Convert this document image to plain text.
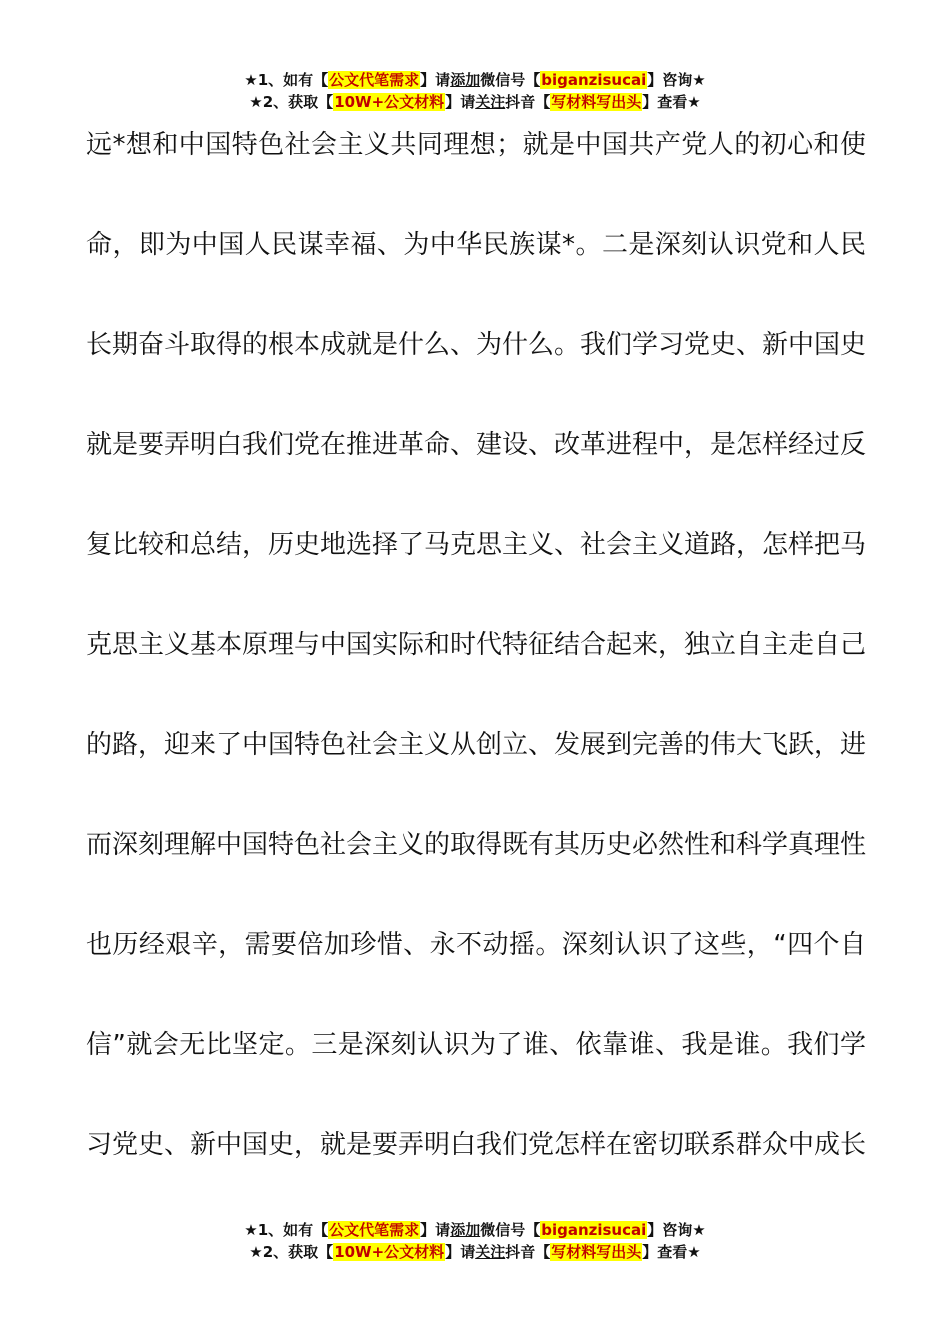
★1、如有【公文代笔需求】请添加微信号【biganzisucai】咨询★
★2、获取【10W+公文材料】请关注抖音【写材料写出头】查看★
远*想和中国特色社会主义共同理想；就是中国共产党人的初心和使
命，即为中国人民谋幸福、为中华民族谋*。二是深刻认识党和人民
长期奋斗取得的根本成就是什么、为什么。我们学习党史、新中国史
就是要弄明白我们党在推进革命、建设、改革进程中，是怎样经过反
复比较和总结，历史地选择了马克思主义、社会主义道路，怎样把马
克思主义基本原理与中国实际和时代特征结合起来，独立自主走自己
的路，迎来了中国特色社会主义从创立、发展到完善的伟大飞跃，进
而深刻理解中国特色社会主义的取得既有其历史必然性和科学真理性
也历经艰辛，需要倍加珍惜、永不动摇。深刻认识了这些，“四个自
信”就会无比坚定。三是深刻认识为了谁、依靠谁、我是谁。我们学
习党史、新中国史，就是要弄明白我们党怎样在密切联系群众中成长
★1、如有【公文代笔需求】请添加微信号【biganzisucai】咨询★
★2、获取【10W+公文材料】请关注抖音【写材料写出头】查看★
